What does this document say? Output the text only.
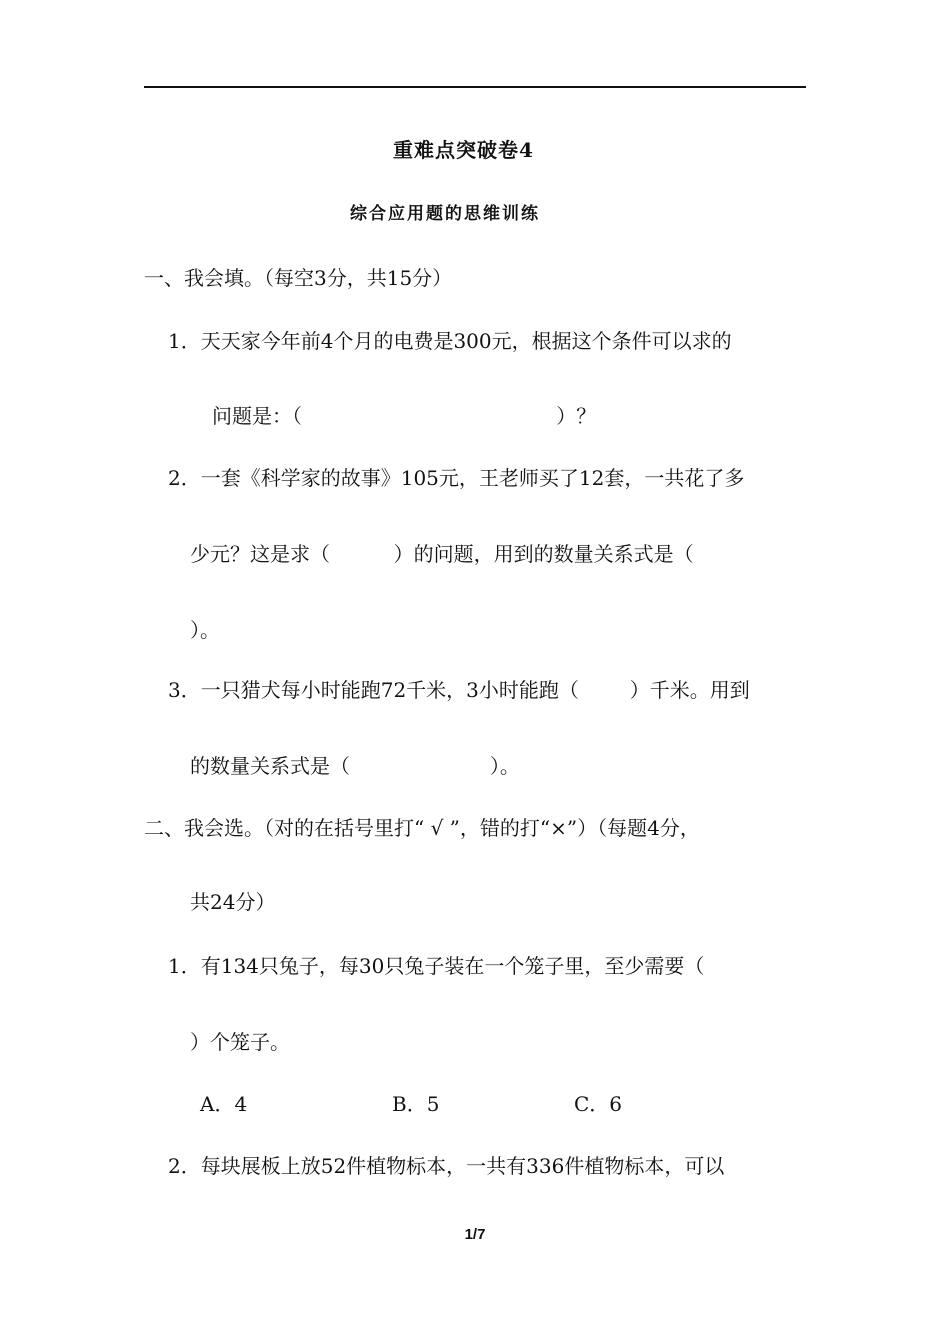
重难点突破卷4
综合应用题的思维训练
一、我会填。（每空3分，共15分）
1．天天家今年前4个月的电费是300元，根据这个条件可以求的
问题是：（                                        ）？
2．一套《科学家的故事》105元，王老师买了12套，一共花了多
少元？这是求（          ）的问题，用到的数量关系式是（
）。
3．一只猎犬每小时能跑72千米，3小时能跑（        ）千米。用到
的数量关系式是（                      ）。
二、我会选。（对的在括号里打“ √ ”，错的打“×”）（每题4分，
共24分）
1．有134只兔子，每30只兔子装在一个笼子里，至少需要（
）个笼子。
A．4	B．5	C．6
2．每块展板上放52件植物标本，一共有336件植物标本，可以
1/7
